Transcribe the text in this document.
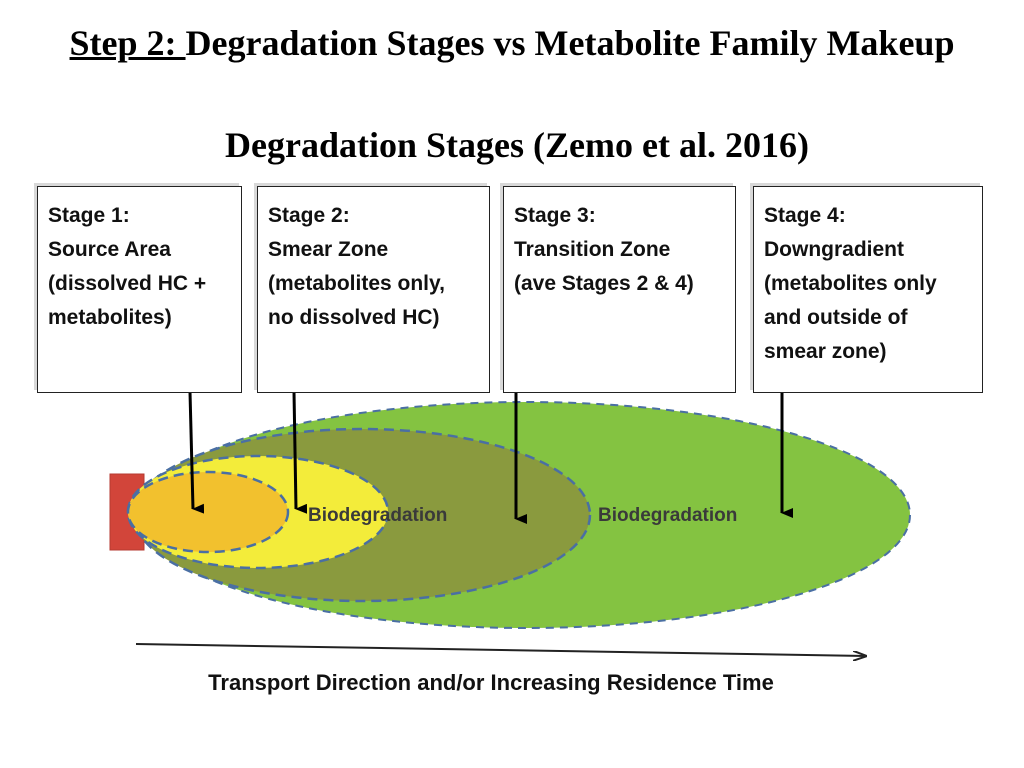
Step 2: Degradation Stages vs Metabolite Family Makeup
Degradation Stages (Zemo et al. 2016)
Biodegradation	Biodegradation
Transport Direction and/or Increasing Residence Time
Stage 1:
Source Area
(dissolved HC +
metabolites)
Stage 2:
Smear Zone
(metabolites only,
no dissolved HC)
Stage 3:
Transition Zone
(ave Stages 2 & 4)
Stage 4:
Downgradient
(metabolites only
and outside of
smear zone)
